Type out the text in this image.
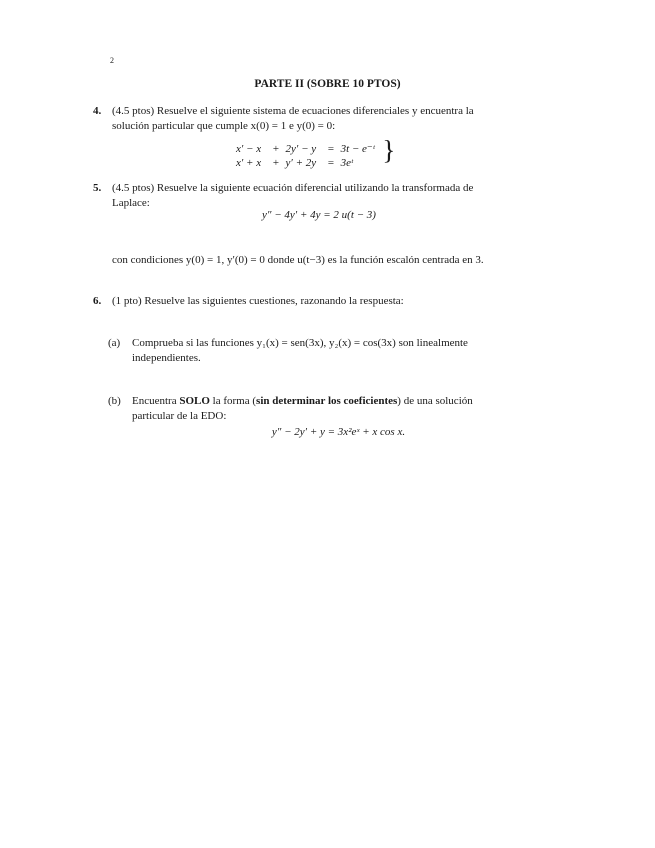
2
PARTE II (SOBRE 10 PTOS)
4. (4.5 ptos) Resuelve el siguiente sistema de ecuaciones diferenciales y encuentra la
solución particular que cumple x(0) = 1 e y(0) = 0:
x′ − x	+	2y′ − y	=	3t − e⁻ᵗ
x′ + x	+	y′ + 2y	=	3eᵗ }
5. (4.5 ptos) Resuelve la siguiente ecuación diferencial utilizando la transformada de
Laplace:
y″ − 4y′ + 4y = 2 u(t − 3)
con condiciones y(0) = 1, y′(0) = 0 donde u(t−3) es la función escalón centrada en 3.
6. (1 pto) Resuelve las siguientes cuestiones, razonando la respuesta:
(a) Comprueba si las funciones y₁(x) = sen(3x), y₂(x) = cos(3x) son linealmente
independientes.
(b) Encuentra SOLO la forma (sin determinar los coeficientes) de una solución
particular de la EDO:
y″ − 2y′ + y = 3x²eˣ + x cos x.
